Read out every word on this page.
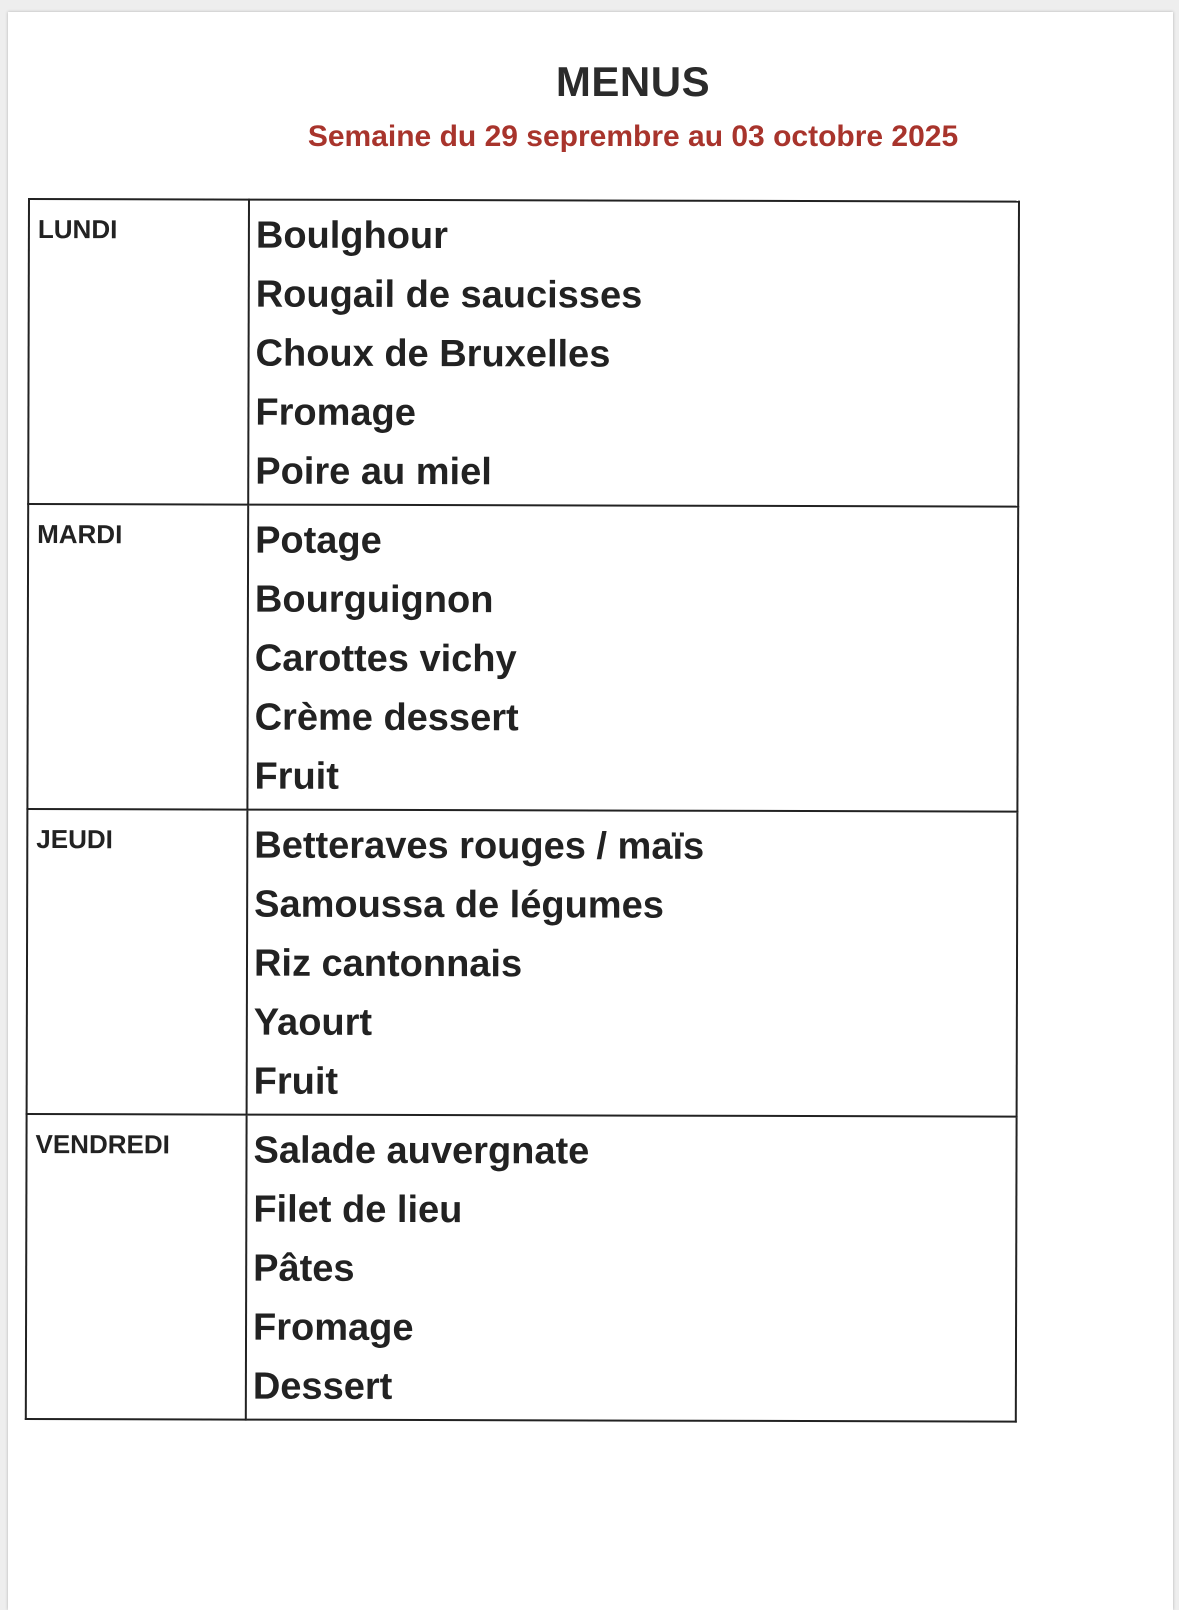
MENUS
Semaine du 29 seprembre au 03 octobre 2025
LUNDI	Boulghour
Rougail de saucisses
Choux de Bruxelles
Fromage
Poire au miel

MARDI	Potage
Bourguignon
Carottes vichy
Crème dessert
Fruit

JEUDI	Betteraves rouges / maïs
Samoussa de légumes
Riz cantonnais
Yaourt
Fruit

VENDREDI	Salade auvergnate
Filet de lieu
Pâtes
Fromage
Dessert
